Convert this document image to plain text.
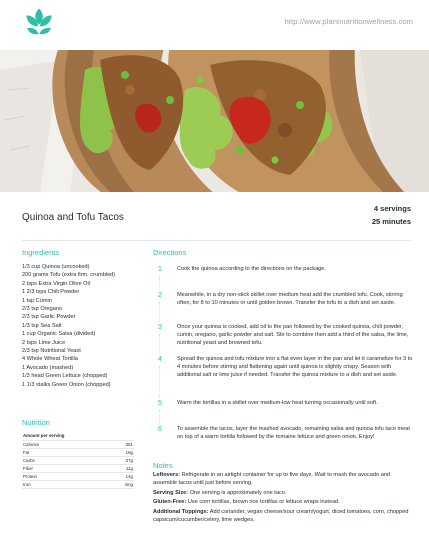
http://www.plantnutritionwellness.com
Quinoa and Tofu Tacos
4 servings
25 minutes
Ingredients
1/3 cup Quinoa (uncooked)
200 grams Tofu (extra firm, crumbled)
2 tsps Extra Virgin Olive Oil
1 2/3 tsps Chili Powder
1 tsp Cumin
2/3 tsp Oregano
2/3 tsp Garlic Powder
1/3 tsp Sea Salt
1 cup Organic Salsa (divided)
2 tsps Lime Juice
2/3 tsp Nutritional Yeast
4 Whole Wheat Tortilla
1 Avocado (mashed)
1/3 head Green Lettuce (chopped)
1 1/3 stalks Green Onion (chopped)
Nutrition
Amount per serving	
Calories	351
Fat	18g
Carbs	37g
Fiber	11g
Protein	14g
Iron	4mg
Directions
1	Cook the quinoa according to the directions on the package.
2	Meanwhile, in a dry non-stick skillet over medium heat add the crumbled tofu. Cook, stirring often, for 8 to 10 minutes or until golden brown. Transfer the tofu to a dish and set aside.
3	Once your quinoa is cooked, add oil to the pan followed by the cooked quinoa, chili powder, cumin, oregano, garlic powder and salt. Stir to combine then add a third of the salsa, the lime, nutritional yeast and browned tofu.
4	Spread the quinoa and tofu mixture into a flat even layer in the pan and let it caramelize for 3 to 4 minutes before stirring and flattening again until quinoa is slightly crispy. Season with additional salt or lime juice if needed. Transfer the quinoa mixture to a dish and set aside.
5	Warm the tortillas in a skillet over medium-low heat turning occasionally until soft.
6	To assemble the tacos, layer the mashed avocado, remaining salsa and quinoa tofu taco meat on top of a warm tortilla followed by the romaine lettuce and green onion. Enjoy!
Notes

Leftovers: Refrigerate in an airtight container for up to five days. Wait to mash the avocado and assemble tacos until just before serving.

Serving Size: One serving is approximately one taco.

Gluten-Free: Use corn tortillas, brown rice tortillas or lettuce wraps instead.

Additional Toppings: Add coriander, vegan cheese/sour cream/yogurt, diced tomatoes, corn, chopped capsicum/cucumber/celery, lime wedges.
